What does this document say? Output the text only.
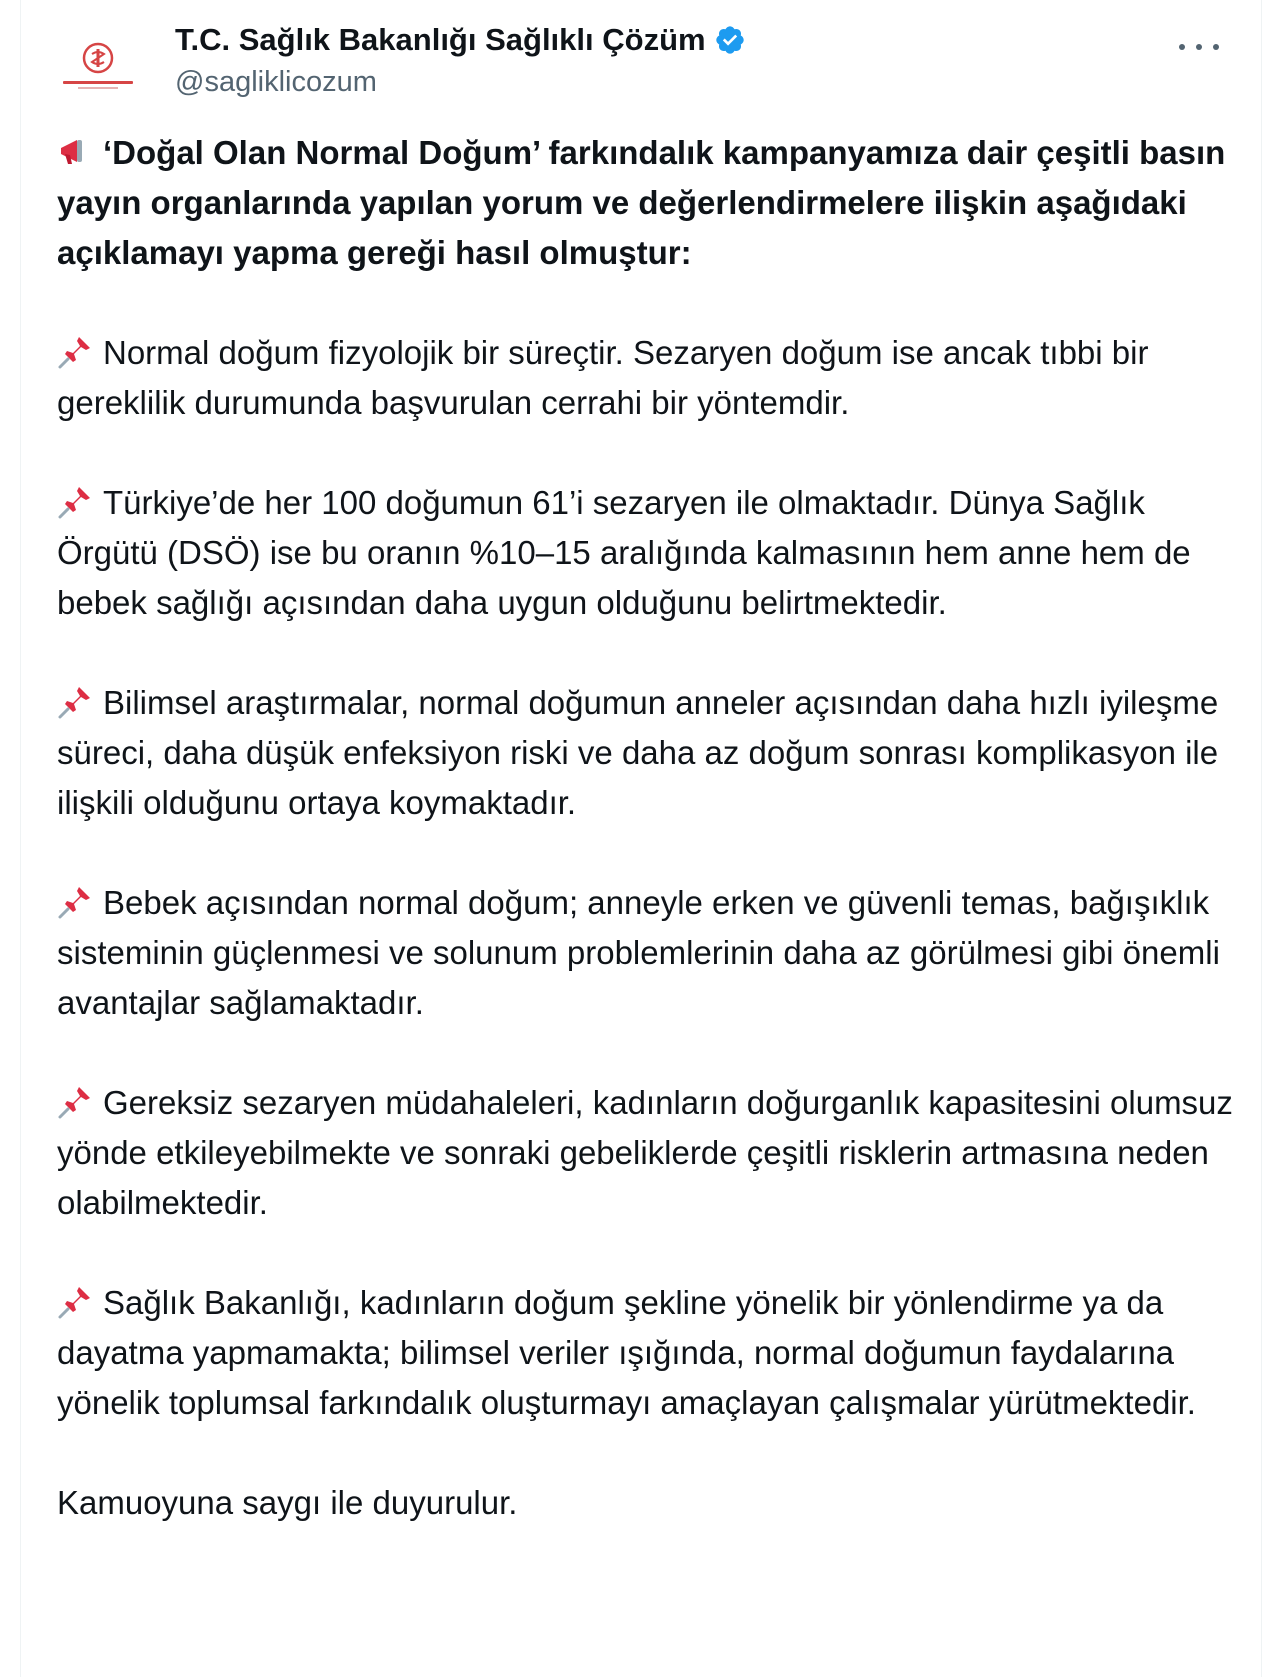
T.C. Sağlık Bakanlığı Sağlıklı Çözüm
@sagliklicozum

‘Doğal Olan Normal Doğum’ farkındalık kampanyamıza dair çeşitli basın yayın organlarında yapılan yorum ve değerlendirmelere ilişkin aşağıdaki açıklamayı yapma gereği hasıl olmuştur:

Normal doğum fizyolojik bir süreçtir. Sezaryen doğum ise ancak tıbbi bir gereklilik durumunda başvurulan cerrahi bir yöntemdir.

Türkiye’de her 100 doğumun 61’i sezaryen ile olmaktadır. Dünya Sağlık Örgütü (DSÖ) ise bu oranın %10–15 aralığında kalmasının hem anne hem de bebek sağlığı açısından daha uygun olduğunu belirtmektedir.

Bilimsel araştırmalar, normal doğumun anneler açısından daha hızlı iyileşme süreci, daha düşük enfeksiyon riski ve daha az doğum sonrası komplikasyon ile ilişkili olduğunu ortaya koymaktadır.

Bebek açısından normal doğum; anneyle erken ve güvenli temas, bağışıklık sisteminin güçlenmesi ve solunum problemlerinin daha az görülmesi gibi önemli avantajlar sağlamaktadır.

Gereksiz sezaryen müdahaleleri, kadınların doğurganlık kapasitesini olumsuz yönde etkileyebilmekte ve sonraki gebeliklerde çeşitli risklerin artmasına neden olabilmektedir.

Sağlık Bakanlığı, kadınların doğum şekline yönelik bir yönlendirme ya da dayatma yapmamakta; bilimsel veriler ışığında, normal doğumun faydalarına yönelik toplumsal farkındalık oluşturmayı amaçlayan çalışmalar yürütmektedir.

Kamuoyuna saygı ile duyurulur.
